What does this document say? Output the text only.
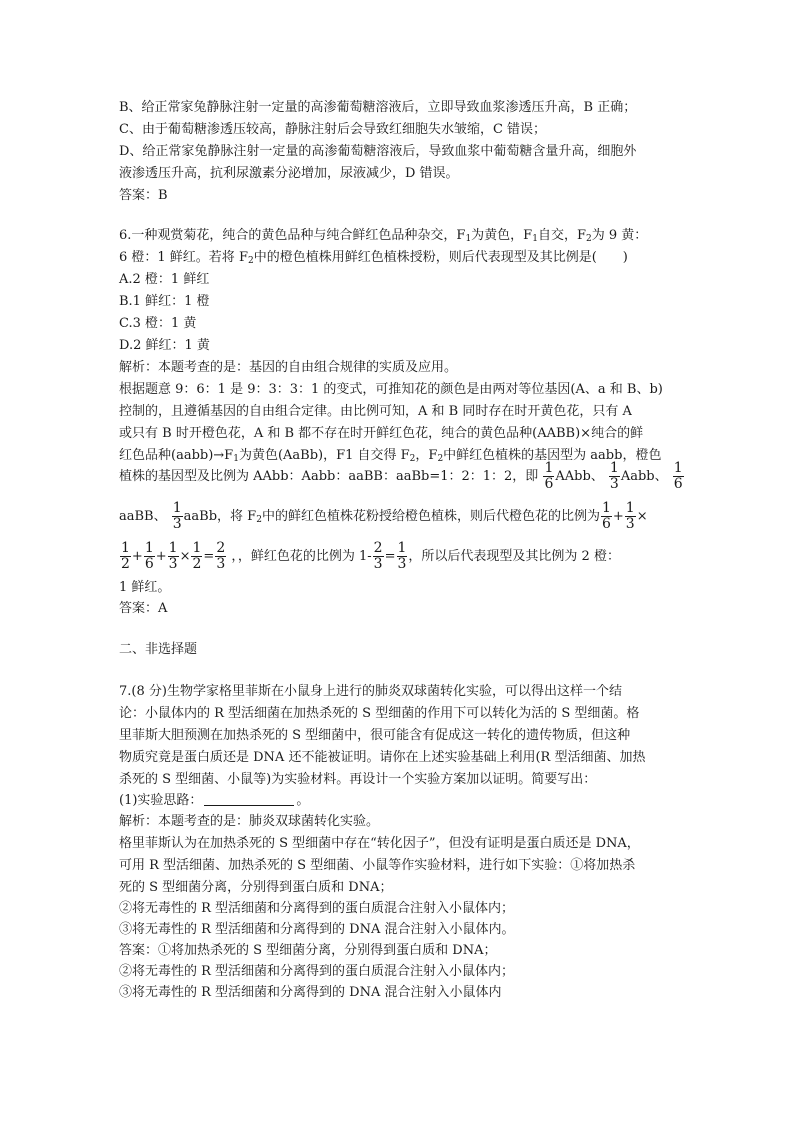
B、给正常家兔静脉注射一定量的高渗葡萄糖溶液后，立即导致血浆渗透压升高，B 正确；
C、由于葡萄糖渗透压较高，静脉注射后会导致红细胞失水皱缩，C 错误；
D、给正常家兔静脉注射一定量的高渗葡萄糖溶液后，导致血浆中葡萄糖含量升高，细胞外
液渗透压升高，抗利尿激素分泌增加，尿液减少，D 错误。
答案：B
6.一种观赏菊花，纯合的黄色品种与纯合鲜红色品种杂交，$F_1$为黄色，$F_1$自交，$F_2$为 9 黄：
6 橙：1 鲜红。若将 $F_2$中的橙色植株用鲜红色植株授粉，则后代表现型及其比例是(　　)
A.2 橙：1 鲜红
B.1 鲜红：1 橙
C.3 橙：1 黄
D.2 鲜红：1 黄
解析：本题考查的是：基因的自由组合规律的实质及应用。
根据题意 9：6：1 是 9：3：3：1 的变式，可推知花的颜色是由两对等位基因(A、a 和 B、b)
控制的，且遵循基因的自由组合定律。由比例可知，A 和 B 同时存在时开黄色花，只有 A
或只有 B 时开橙色花，A 和 B 都不存在时开鲜红色花，纯合的黄色品种(AABB)×纯合的鲜
红色品种$(aabb)\to F_1$为黄色(AaBb)，F1 自交得 $F_2$，$F_2$中鲜红色植株的基因型为 aabb，橙色
植株的基因型及比例为 AAbb：Aabb：aaBB：aaBb=1：2：1：2，即 $\frac{1}{6}$ AAbb、 $\frac{1}{3}$ Aabb、 $\frac{1}{6}$
aaBB、 $\frac{1}{3}$ aaBb，将 $F_2$中的鲜红色植株花粉授给橙色植株，则后代橙色花的比例为 $\frac{1}{6} + \frac{1}{3}$ ×
$\frac{1}{2} + \frac{1}{6} + \frac{1}{3} \times \frac{1}{2} = \frac{2}{3}$ ，，鲜红色花的比例为 $1- \frac{2}{3} = \frac{1}{3}$ ，所以后代表现型及其比例为 2 橙：
1 鲜红。
答案：A
二、非选择题
7.(8 分)生物学家格里菲斯在小鼠身上进行的肺炎双球菌转化实验，可以得出这样一个结
论：小鼠体内的 R 型活细菌在加热杀死的 S 型细菌的作用下可以转化为活的 S 型细菌。格
里菲斯大胆预测在加热杀死的 S 型细菌中，很可能含有促成这一转化的遗传物质，但这种
物质究竟是蛋白质还是 DNA 还不能被证明。请你在上述实验基础上利用(R 型活细菌、加热
杀死的 S 型细菌、小鼠等)为实验材料。再设计一个实验方案加以证明。简要写出：
(1)实验思路：	。
解析：本题考查的是：肺炎双球菌转化实验。
格里菲斯认为在加热杀死的 S 型细菌中存在“转化因子”，但没有证明是蛋白质还是 DNA，
可用 R 型活细菌、加热杀死的 S 型细菌、小鼠等作实验材料，进行如下实验：①将加热杀
死的 S 型细菌分离，分别得到蛋白质和 DNA；
②将无毒性的 R 型活细菌和分离得到的蛋白质混合注射入小鼠体内；
③将无毒性的 R 型活细菌和分离得到的 DNA 混合注射入小鼠体内。
答案：①将加热杀死的 S 型细菌分离，分别得到蛋白质和 DNA；
②将无毒性的 R 型活细菌和分离得到的蛋白质混合注射入小鼠体内；
③将无毒性的 R 型活细菌和分离得到的 DNA 混合注射入小鼠体内
